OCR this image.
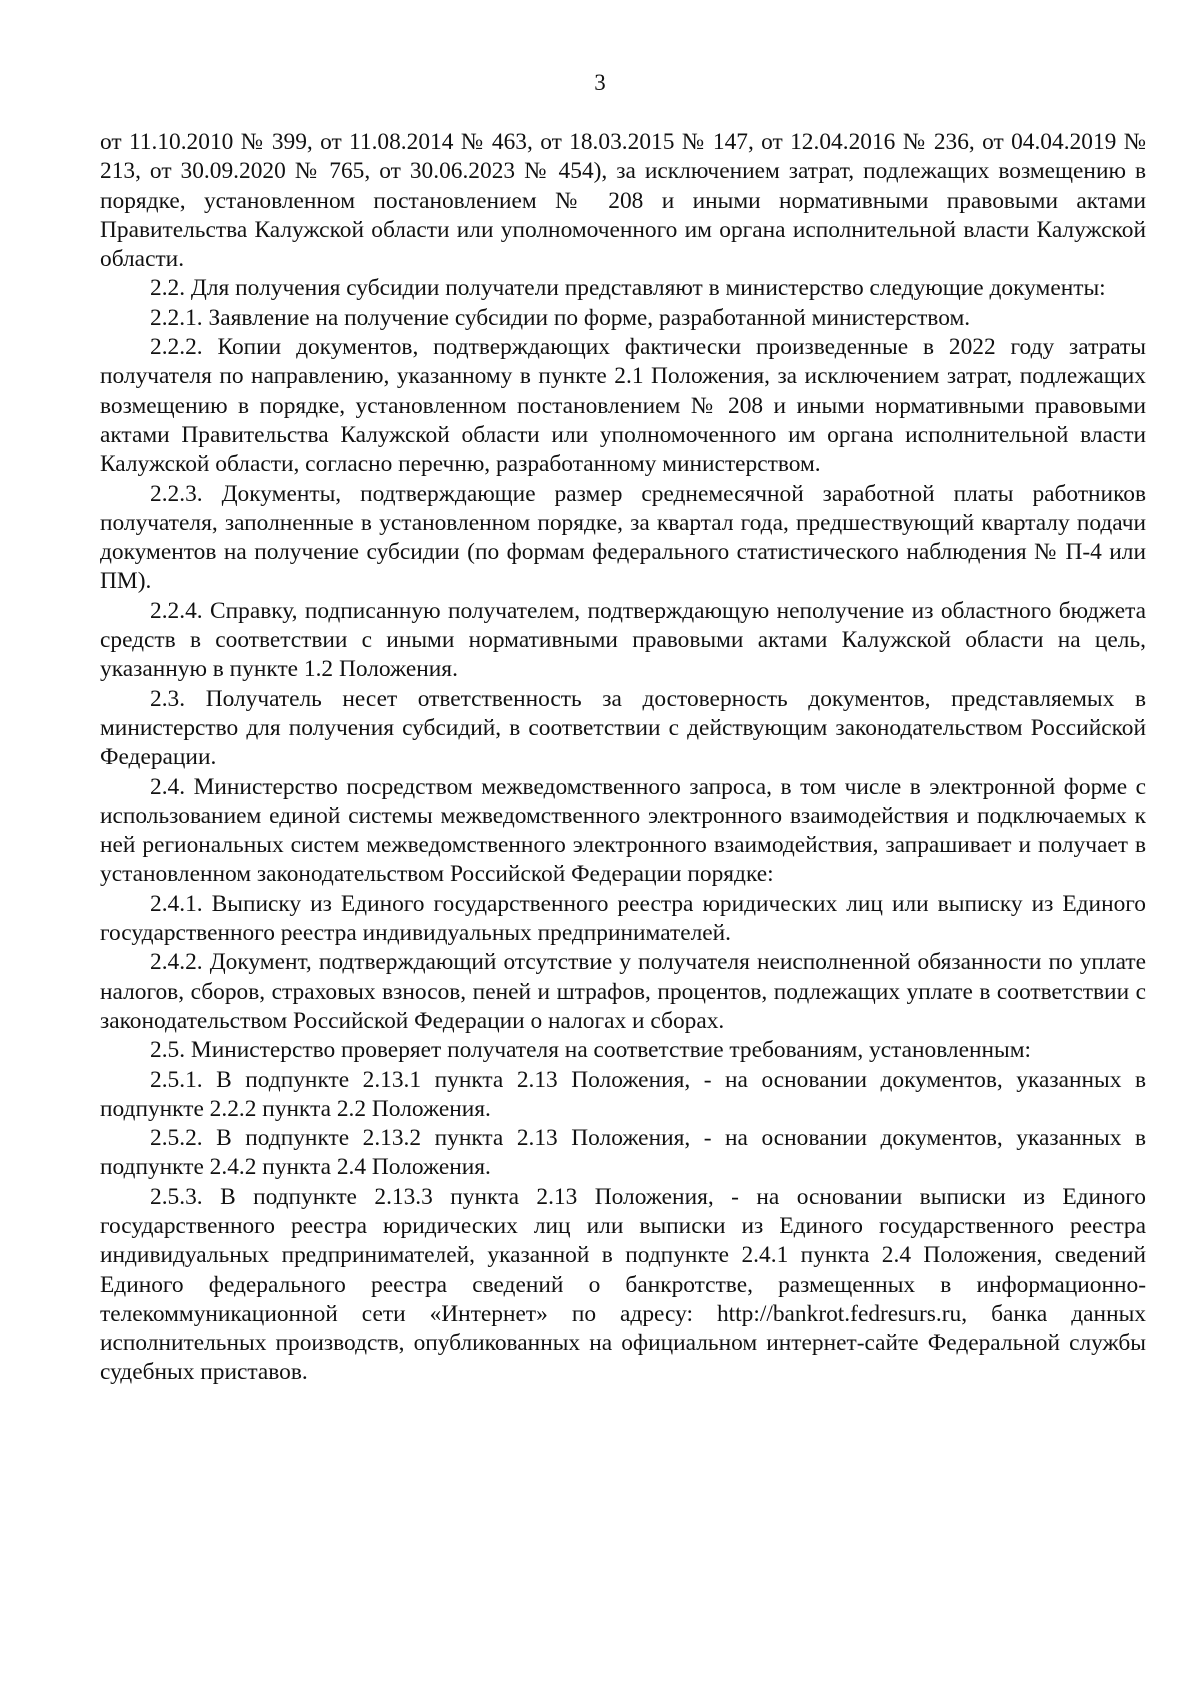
3

от 11.10.2010 № 399, от 11.08.2014 № 463, от 18.03.2015 № 147, от 12.04.2016 № 236, от 04.04.2019 № 213, от 30.09.2020 № 765, от 30.06.2023 № 454), за исключением затрат, подлежащих возмещению в порядке, установленном постановлением № 208 и иными нормативными правовыми актами Правительства Калужской области или уполномоченного им органа исполнительной власти Калужской области.

2.2. Для получения субсидии получатели представляют в министерство следующие документы:

2.2.1. Заявление на получение субсидии по форме, разработанной министерством.

2.2.2. Копии документов, подтверждающих фактически произведенные в 2022 году затраты получателя по направлению, указанному в пункте 2.1 Положения, за исключением затрат, подлежащих возмещению в порядке, установленном постановлением № 208 и иными нормативными правовыми актами Правительства Калужской области или уполномоченного им органа исполнительной власти Калужской области, согласно перечню, разработанному министерством.

2.2.3. Документы, подтверждающие размер среднемесячной заработной платы работников получателя, заполненные в установленном порядке, за квартал года, предшествующий кварталу подачи документов на получение субсидии (по формам федерального статистического наблюдения № П-4 или ПМ).

2.2.4. Справку, подписанную получателем, подтверждающую неполучение из областного бюджета средств в соответствии с иными нормативными правовыми актами Калужской области на цель, указанную в пункте 1.2 Положения.

2.3. Получатель несет ответственность за достоверность документов, представляемых в министерство для получения субсидий, в соответствии с действующим законодательством Российской Федерации.

2.4. Министерство посредством межведомственного запроса, в том числе в электронной форме с использованием единой системы межведомственного электронного взаимодействия и подключаемых к ней региональных систем межведомственного электронного взаимодействия, запрашивает и получает в установленном законодательством Российской Федерации порядке:

2.4.1. Выписку из Единого государственного реестра юридических лиц или выписку из Единого государственного реестра индивидуальных предпринимателей.

2.4.2. Документ, подтверждающий отсутствие у получателя неисполненной обязанности по уплате налогов, сборов, страховых взносов, пеней и штрафов, процентов, подлежащих уплате в соответствии с законодательством Российской Федерации о налогах и сборах.

2.5. Министерство проверяет получателя на соответствие требованиям, установленным:

2.5.1. В подпункте 2.13.1 пункта 2.13 Положения, - на основании документов, указанных в подпункте 2.2.2 пункта 2.2 Положения.

2.5.2. В подпункте 2.13.2 пункта 2.13 Положения, - на основании документов, указанных в подпункте 2.4.2 пункта 2.4 Положения.

2.5.3. В подпункте 2.13.3 пункта 2.13 Положения, - на основании выписки из Единого государственного реестра юридических лиц или выписки из Единого государственного реестра индивидуальных предпринимателей, указанной в подпункте 2.4.1 пункта 2.4 Положения, сведений Единого федерального реестра сведений о банкротстве, размещенных в информационно-телекоммуникационной сети «Интернет» по адресу: http://bankrot.fedresurs.ru, банка данных исполнительных производств, опубликованных на официальном интернет-сайте Федеральной службы судебных приставов.
